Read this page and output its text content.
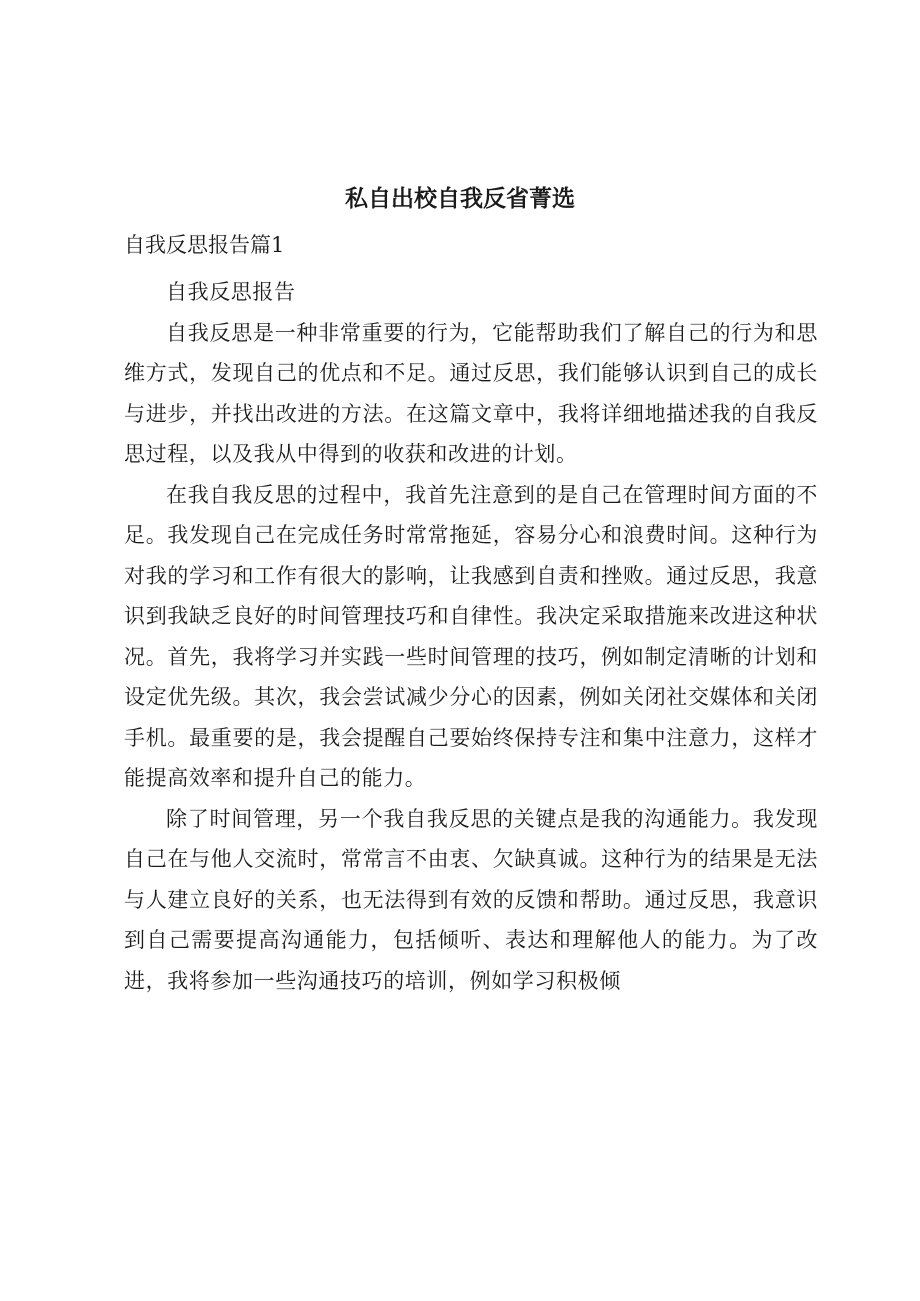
私自出校自我反省菁选
自我反思报告篇1

自我反思报告

自我反思是一种非常重要的行为，它能帮助我们了解自己的行为和思维方式，发现自己的优点和不足。通过反思，我们能够认识到自己的成长与进步，并找出改进的方法。在这篇文章中，我将详细地描述我的自我反思过程，以及我从中得到的收获和改进的计划。

在我自我反思的过程中，我首先注意到的是自己在管理时间方面的不足。我发现自己在完成任务时常常拖延，容易分心和浪费时间。这种行为对我的学习和工作有很大的影响，让我感到自责和挫败。通过反思，我意识到我缺乏良好的时间管理技巧和自律性。我决定采取措施来改进这种状况。首先，我将学习并实践一些时间管理的技巧，例如制定清晰的计划和设定优先级。其次，我会尝试减少分心的因素，例如关闭社交媒体和关闭手机。最重要的是，我会提醒自己要始终保持专注和集中注意力，这样才能提高效率和提升自己的能力。

除了时间管理，另一个我自我反思的关键点是我的沟通能力。我发现自己在与他人交流时，常常言不由衷、欠缺真诚。这种行为的结果是无法与人建立良好的关系，也无法得到有效的反馈和帮助。通过反思，我意识到自己需要提高沟通能力，包括倾听、表达和理解他人的能力。为了改进，我将参加一些沟通技巧的培训，例如学习积极倾
